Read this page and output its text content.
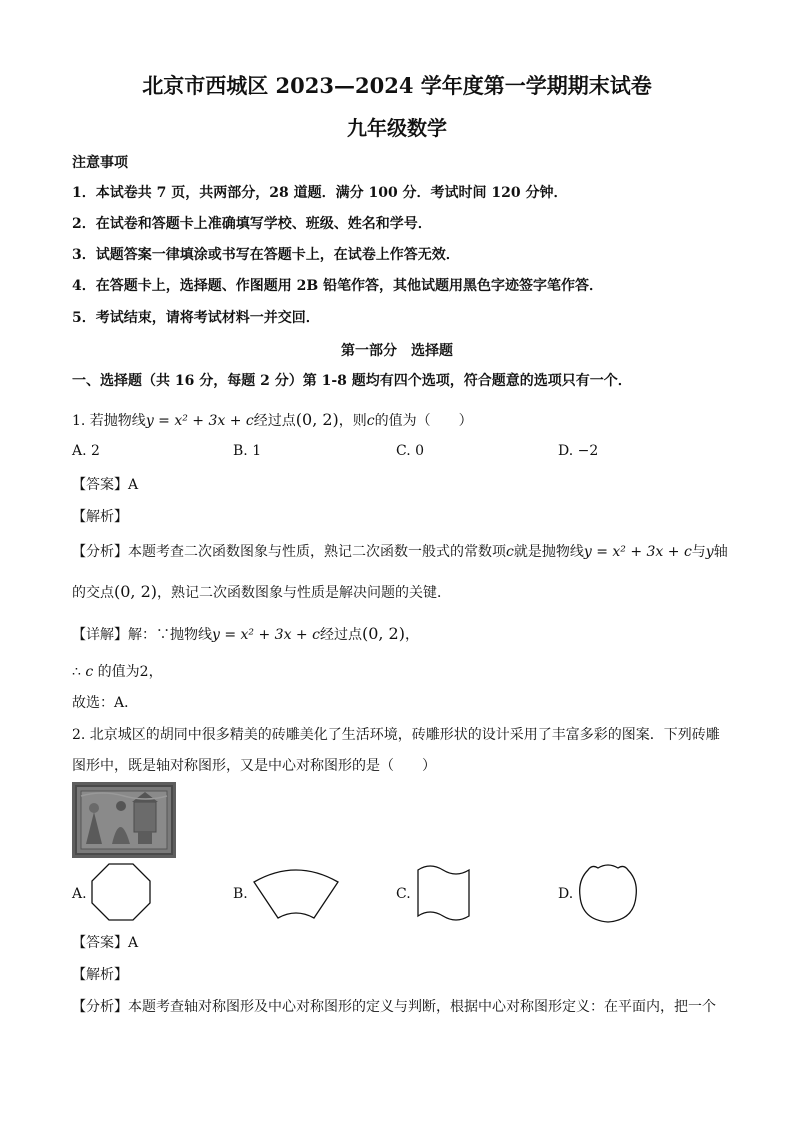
北京市西城区 2023—2024 学年度第一学期期末试卷
九年级数学
注意事项
1．本试卷共 7 页，共两部分，28 道题．满分 100 分．考试时间 120 分钟．
2．在试卷和答题卡上准确填写学校、班级、姓名和学号．
3．试题答案一律填涂或书写在答题卡上，在试卷上作答无效．
4．在答题卡上，选择题、作图题用 2B 铅笔作答，其他试题用黑色字迹签字笔作答．
5．考试结束，请将考试材料一并交回．
第一部分　选择题
一、选择题（共 16 分，每题 2 分）第 1-8 题均有四个选项，符合题意的选项只有一个．
1. 若抛物线y = x² + 3x + c经过点(0, 2)，则c的值为（　　）
A. 2	B. 1	C. 0	D. −2
【答案】A
【解析】
【分析】本题考查二次函数图象与性质，熟记二次函数一般式的常数项c就是抛物线y = x² + 3x + c与y轴
的交点(0, 2)，熟记二次函数图象与性质是解决问题的关键．
【详解】解：∵抛物线y = x² + 3x + c经过点(0, 2)，
∴ c 的值为2，
故选：A．
2. 北京城区的胡同中很多精美的砖雕美化了生活环境，砖雕形状的设计采用了丰富多彩的图案．下列砖雕
图形中，既是轴对称图形，又是中心对称图形的是（　　）
A.	B.	C.	D.
【答案】A
【解析】
【分析】本题考查轴对称图形及中心对称图形的定义与判断，根据中心对称图形定义：在平面内，把一个
